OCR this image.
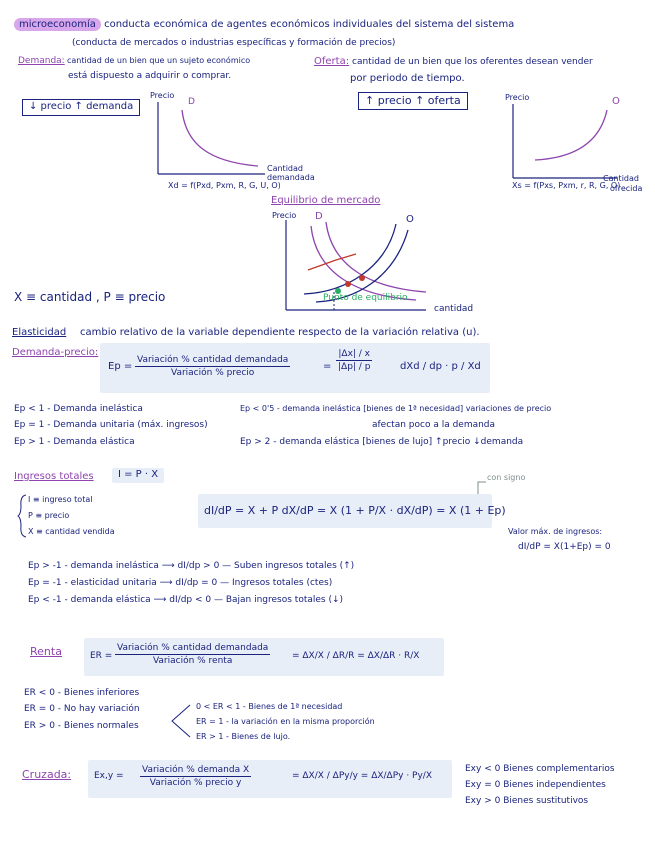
microeconomía conducta económica de agentes económicos individuales del sistema del sistema
(conducta de mercados o industrias específicas y formación de precios)
Demanda: cantidad de un bien que un sujeto económico
está dispuesto a adquirir o comprar.
↓ precio ↑ demanda
Precio
D
Cantidad
demandada
Xd = f(Pxd, Pxm, R, G, U, O)
Oferta: cantidad de un bien que los oferentes desean vender
por periodo de tiempo.
↑ precio ↑ oferta	Precio	O
Cantidad
ofrecida
Xs = f(Pxs, Pxm, r, R, G, O)
Equilibrio de mercado
Precio D	O
Punto de equilibrio
cantidad
X ≡ cantidad , P ≡ precio
Elasticidad cambio relativo de la variable dependiente respecto de la variación relativa (u).
Demanda-precio:
Ep =
Variación % cantidad demandada
Variación % precio
= $\frac{|\Delta x| / x}{|\Delta p| / p}$	dXd / dp · p / Xd
Ep < 1 - Demanda inelástica
Ep = 1 - Demanda unitaria (máx. ingresos)
Ep > 1 - Demanda elástica
Ep < 0'5 - demanda inelástica [bienes de 1ª necesidad] variaciones de precio
afectan poco a la demanda
Ep > 2 - demanda elástica [bienes de lujo] ↑precio ↓demanda
Ingresos totales	I = P · X	con signo
I ≡ ingreso total
P ≡ precio
X ≡ cantidad vendida
dI/dP = X + P dX/dP = X (1 + P/X · dX/dP) = X (1 + Ep)
Valor máx. de ingresos:
dI/dP = X(1+Ep) = 0
Ep > -1 - demanda inelástica ⟶ dI/dp > 0 — Suben ingresos totales (↑)
Ep = -1 - elasticidad unitaria ⟶ dI/dp = 0 — Ingresos totales (ctes)
Ep < -1 - demanda elástica ⟶ dI/dp < 0 — Bajan ingresos totales (↓)
Renta	ER =
Variación % cantidad demandada
Variación % renta	= ΔX/X / ΔR/R = ΔX/ΔR · R/X
ER < 0 - Bienes inferiores
ER = 0 - No hay variación
ER > 0 - Bienes normales
0 < ER < 1 - Bienes de 1ª necesidad
ER = 1 - la variación en la misma proporción
ER > 1 - Bienes de lujo.
Cruzada:	Ex,y =
Variación % demanda X
Variación % precio y
= ΔX/X / ΔPy/y = ΔX/ΔPy · Py/X
Exy < 0 Bienes complementarios
Exy = 0 Bienes independientes
Exy > 0 Bienes sustitutivos
